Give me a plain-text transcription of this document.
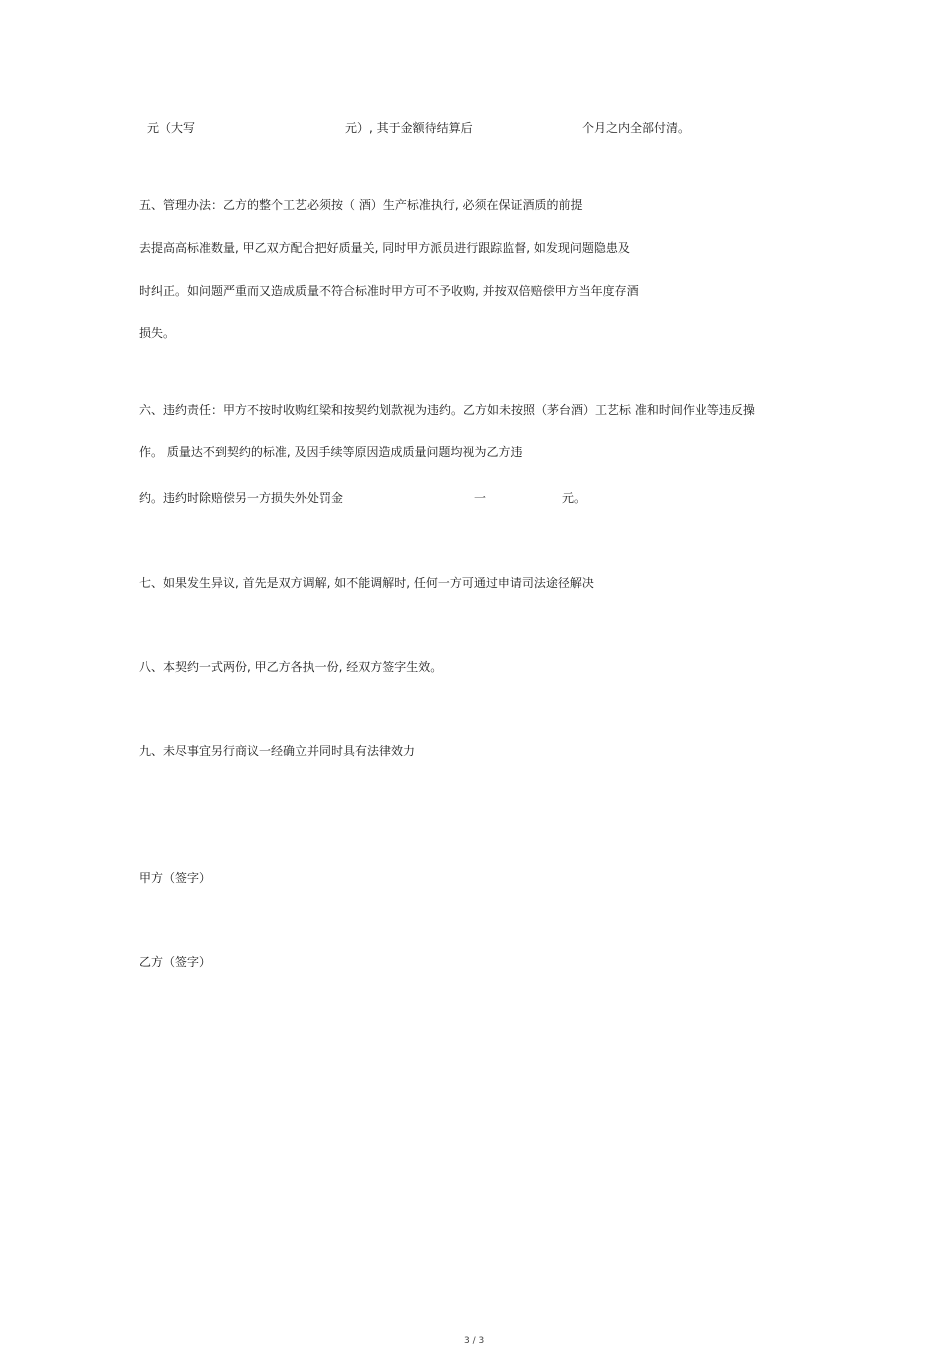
元（大写	元）, 其于金额待结算后	个月之内全部付清。
五、管理办法：乙方的整个工艺必须按（ 酒）生产标准执行, 必须在保证酒质的前提
去提高高标准数量, 甲乙双方配合把好质量关, 同时甲方派员进行跟踪监督, 如发现问题隐患及
时纠正。如问题严重而又造成质量不符合标准时甲方可不予收购, 并按双倍赔偿甲方当年度存酒
损失。
六、违约责任：甲方不按时收购红梁和按契约划款视为违约。乙方如未按照（茅台酒）工艺标 准和时间作业等违反操
作。 质量达不到契约的标准, 及因手续等原因造成质量问题均视为乙方违
约。违约时除赔偿另一方损失外处罚金	一	元。
七、如果发生异议, 首先是双方调解, 如不能调解时, 任何一方可通过申请司法途径解决
八、本契约一式两份, 甲乙方各执一份, 经双方签字生效。
九、未尽事宜另行商议一经确立并同时具有法律效力
甲方（签字）
乙方（签字）
3 / 3
